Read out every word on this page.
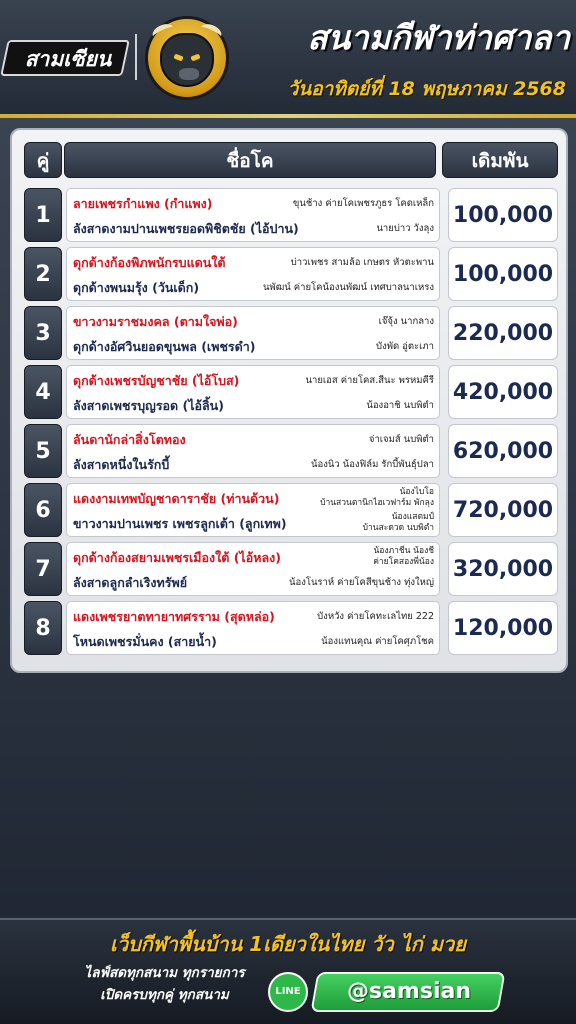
สามเซียน
สนามกีฬาท่าศาลา
วันอาทิตย์ที่ 18 พฤษภาคม 2568
คู่	ชื่อโค	เดิมพัน
1	ลายเพชรกำแพง (กำแพง)	ขุนช้าง ค่ายโคเพชรภูธร โคดเหล็ก
ลังสาดงามปานเพชรยอดพิชิตชัย (ไอ้ปาน)	นายบ่าว วังลุง
100,000
2	ดุกด้างก้องพิภพนักรบแดนใต้	บ่าวเพชร สามล้อ เกษตร หัวตะพาน
ดุกด้างพนมรุ้ง (วันเด็ก)	นพัฒน์ ค่ายโคน้องนพัฒน์ เทศบาลนาเหรง
100,000
3	ขาวงามราชมงคล (ตามใจพ่อ)	เจ๊จุ้ง นากลาง
ดุกด้างอัศวินยอดขุนพล (เพชรดำ)	บังพัด อู่ตะเภา
220,000
4	ดุกด้างเพชรบัญชาชัย (ไอ้โบส)	นายเอส ค่ายโคส.สีนะ พรหมคีรี
ลังสาดเพชรบุญรอด (ไอ้ลิ้น)	น้องอาชิ นบพิตำ
420,000
5	ลันดานักล่าสิ่งโตทอง	จ่าเจมส์ นบพิตำ
ลังสาดหนึ่งในรักบี้	น้องนิว น้องฟิล์ม รักบี้พันธุ์ปลา
620,000
6	แดงงามเทพบัญชาดาราชัย (ท่านด้วน)	น้องไบโอ
บ้านสวนตานิกไฮเวฟาร์ม พักลุง
ขาวงามปานเพชร เพชรลูกเต้า (ลูกเทพ)	น้องแสตมป์
บ้านสะดวด นบพิตำ
720,000
7	ดุกด้างก้องสยามเพชรเมืองใต้ (ไอ้หลง)	น้องภาชีน น้องชี
ค่ายโคสองพี่น้อง
ลังสาดลูกลำเริงทรัพย์	น้องโนราห์ ค่ายโคสีขุนช้าง ทุ่งใหญ่
320,000
8	แดงเพชรยาตทายาทศรราม (สุดหล่อ)	บังหวัง ค่ายโคทะเลไทย 222
โหนดเพชรมั่นคง (สายน้ำ)	น้องแทนคุณ ค่ายโคศุภโชค
120,000
เว็บกีฬาพื้นบ้าน 1เดียวในไทย วัว ไก่ มวย
ไลฟ์สดทุกสนาม ทุกรายการ
เปิดครบทุกคู่ ทุกสนาม	LINE	@samsian
